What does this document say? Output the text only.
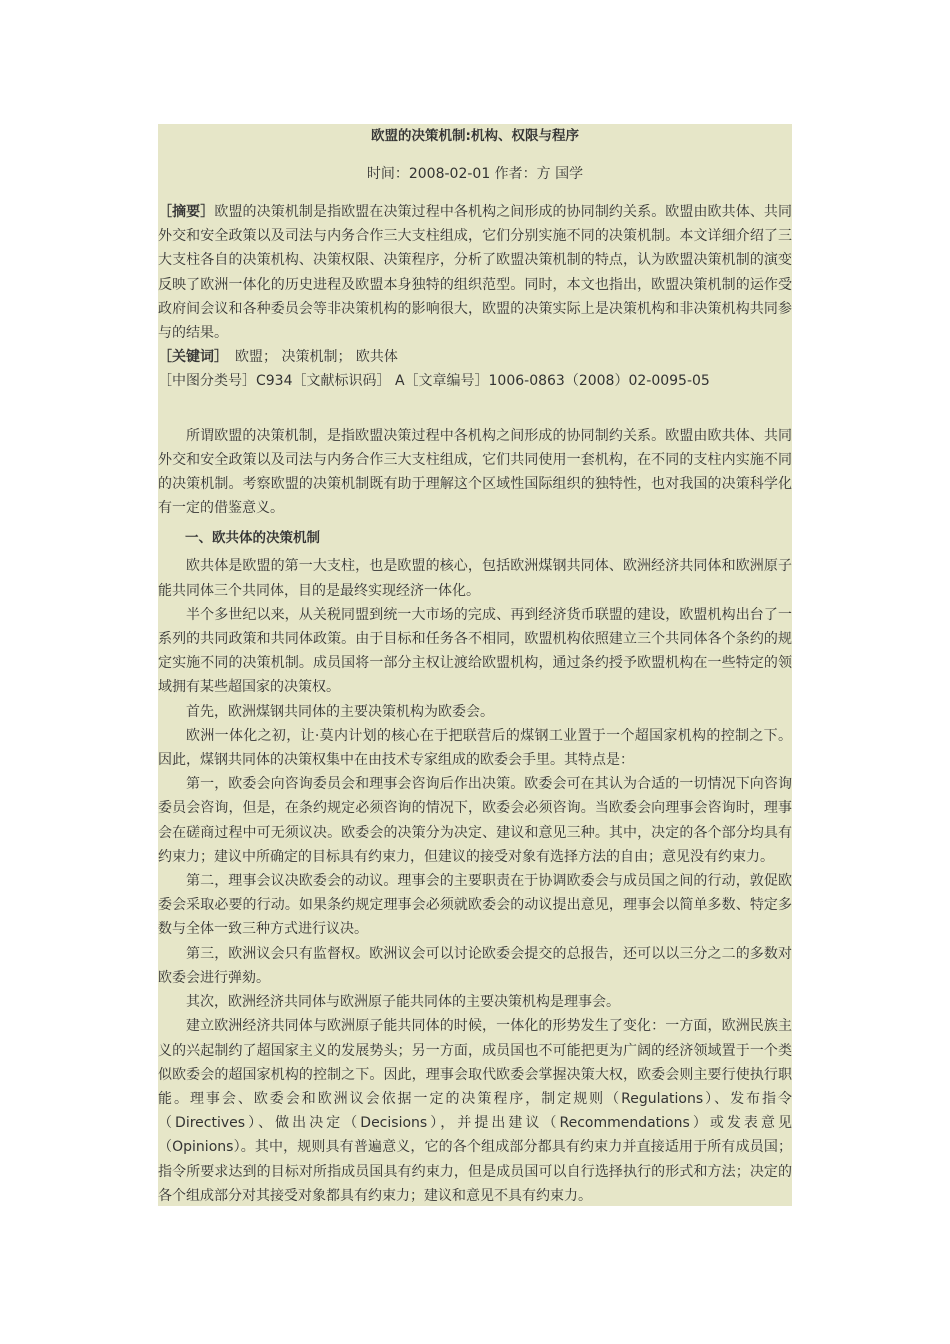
欧盟的决策机制:机构、权限与程序

时间：2008-02-01 作者：方 国学

［摘要］欧盟的决策机制是指欧盟在决策过程中各机构之间形成的协同制约关系。欧盟由欧共体、共同外交和安全政策以及司法与内务合作三大支柱组成，它们分别实施不同的决策机制。本文详细介绍了三大支柱各自的决策机构、决策权限、决策程序，分析了欧盟决策机制的特点，认为欧盟决策机制的演变反映了欧洲一体化的历史进程及欧盟本身独特的组织范型。同时，本文也指出，欧盟决策机制的运作受政府间会议和各种委员会等非决策机构的影响很大，欧盟的决策实际上是决策机构和非决策机构共同参与的结果。

［关键词］　欧盟； 决策机制； 欧共体

［中图分类号］C934［文献标识码］ A［文章编号］1006-0863（2008）02-0095-05

所谓欧盟的决策机制，是指欧盟决策过程中各机构之间形成的协同制约关系。欧盟由欧共体、共同外交和安全政策以及司法与内务合作三大支柱组成，它们共同使用一套机构，在不同的支柱内实施不同的决策机制。考察欧盟的决策机制既有助于理解这个区域性国际组织的独特性，也对我国的决策科学化有一定的借鉴意义。

一、欧共体的决策机制

欧共体是欧盟的第一大支柱，也是欧盟的核心，包括欧洲煤钢共同体、欧洲经济共同体和欧洲原子能共同体三个共同体，目的是最终实现经济一体化。

半个多世纪以来，从关税同盟到统一大市场的完成、再到经济货币联盟的建设，欧盟机构出台了一系列的共同政策和共同体政策。由于目标和任务各不相同，欧盟机构依照建立三个共同体各个条约的规定实施不同的决策机制。成员国将一部分主权让渡给欧盟机构，通过条约授予欧盟机构在一些特定的领域拥有某些超国家的决策权。

首先，欧洲煤钢共同体的主要决策机构为欧委会。

欧洲一体化之初，让·莫内计划的核心在于把联营后的煤钢工业置于一个超国家机构的控制之下。因此，煤钢共同体的决策权集中在由技术专家组成的欧委会手里。其特点是：

第一，欧委会向咨询委员会和理事会咨询后作出决策。欧委会可在其认为合适的一切情况下向咨询委员会咨询，但是，在条约规定必须咨询的情况下，欧委会必须咨询。当欧委会向理事会咨询时，理事会在磋商过程中可无须议决。欧委会的决策分为决定、建议和意见三种。其中，决定的各个部分均具有约束力；建议中所确定的目标具有约束力，但建议的接受对象有选择方法的自由；意见没有约束力。

第二，理事会议决欧委会的动议。理事会的主要职责在于协调欧委会与成员国之间的行动，敦促欧委会采取必要的行动。如果条约规定理事会必须就欧委会的动议提出意见，理事会以简单多数、特定多数与全体一致三种方式进行议决。

第三，欧洲议会只有监督权。欧洲议会可以讨论欧委会提交的总报告，还可以以三分之二的多数对欧委会进行弹劾。

其次，欧洲经济共同体与欧洲原子能共同体的主要决策机构是理事会。

建立欧洲经济共同体与欧洲原子能共同体的时候，一体化的形势发生了变化：一方面，欧洲民族主义的兴起制约了超国家主义的发展势头；另一方面，成员国也不可能把更为广阔的经济领域置于一个类似欧委会的超国家机构的控制之下。因此，理事会取代欧委会掌握决策大权，欧委会则主要行使执行职能。理事会、欧委会和欧洲议会依据一定的决策程序，制定规则（Regulations）、发布指令（Directives）、做出决定（Decisions），并提出建议（Recommendations）或发表意见（Opinions）。其中，规则具有普遍意义，它的各个组成部分都具有约束力并直接适用于所有成员国；指令所要求达到的目标对所指成员国具有约束力，但是成员国可以自行选择执行的形式和方法；决定的各个组成部分对其接受对象都具有约束力；建议和意见不具有约束力。
